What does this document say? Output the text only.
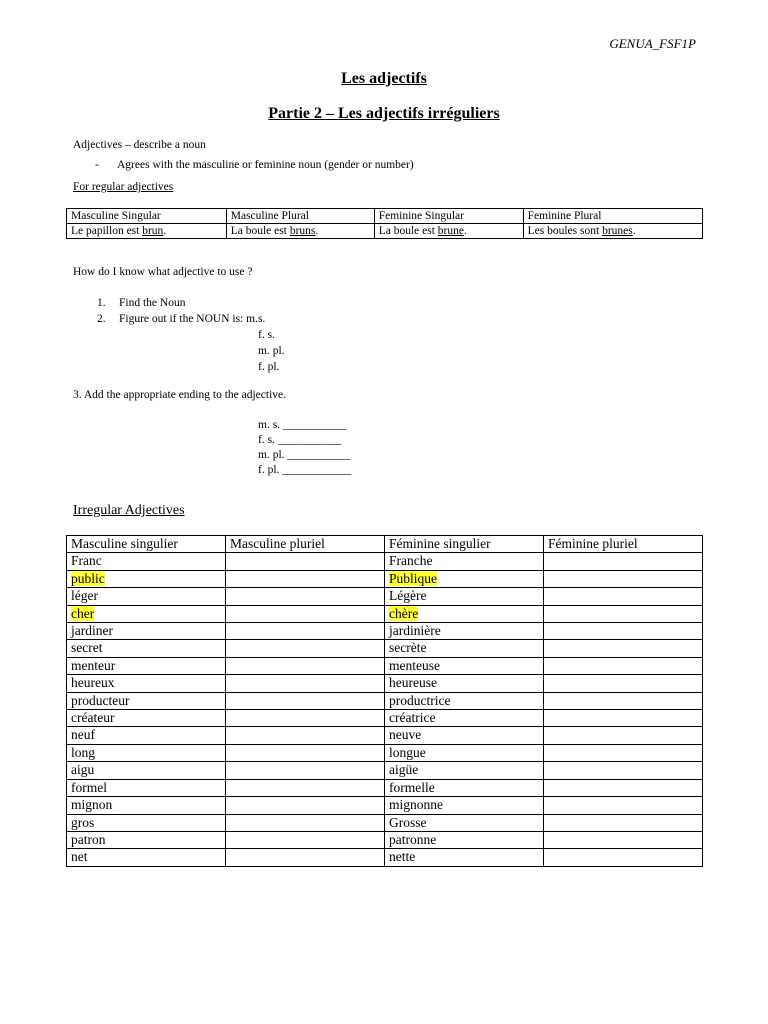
GENUA_FSF1P
Les adjectifs
Partie 2 – Les adjectifs irréguliers
Adjectives – describe a noun
- Agrees with the masculine or feminine noun (gender or number)
For regular adjectives
Masculine Singular	Masculine Plural	Feminine Singular	Feminine Plural
Le papillon est brun.	La boule est bruns.	La boule est brune.	Les boules sont brunes.
How do I know what adjective to use ?
1. Find the Noun
2. Figure out if the NOUN is: m.s.
f. s.
m. pl.
f. pl.
3. Add the appropriate ending to the adjective.
m. s. ___________
f. s. ___________
m. pl. ___________
f. pl. ____________
Irregular Adjectives
Masculine singulier	Masculine pluriel	Féminine singulier	Féminine pluriel
Franc		Franche	
public		Publique	
léger		Légère	
cher		chère	
jardiner		jardinière	
secret		secrète	
menteur		menteuse	
heureux		heureuse	
producteur		productrice	
créateur		créatrice	
neuf		neuve	
long		longue	
aigu		aigüe	
formel		formelle	
mignon		mignonne	
gros		Grosse	
patron		patronne	
net		nette	
